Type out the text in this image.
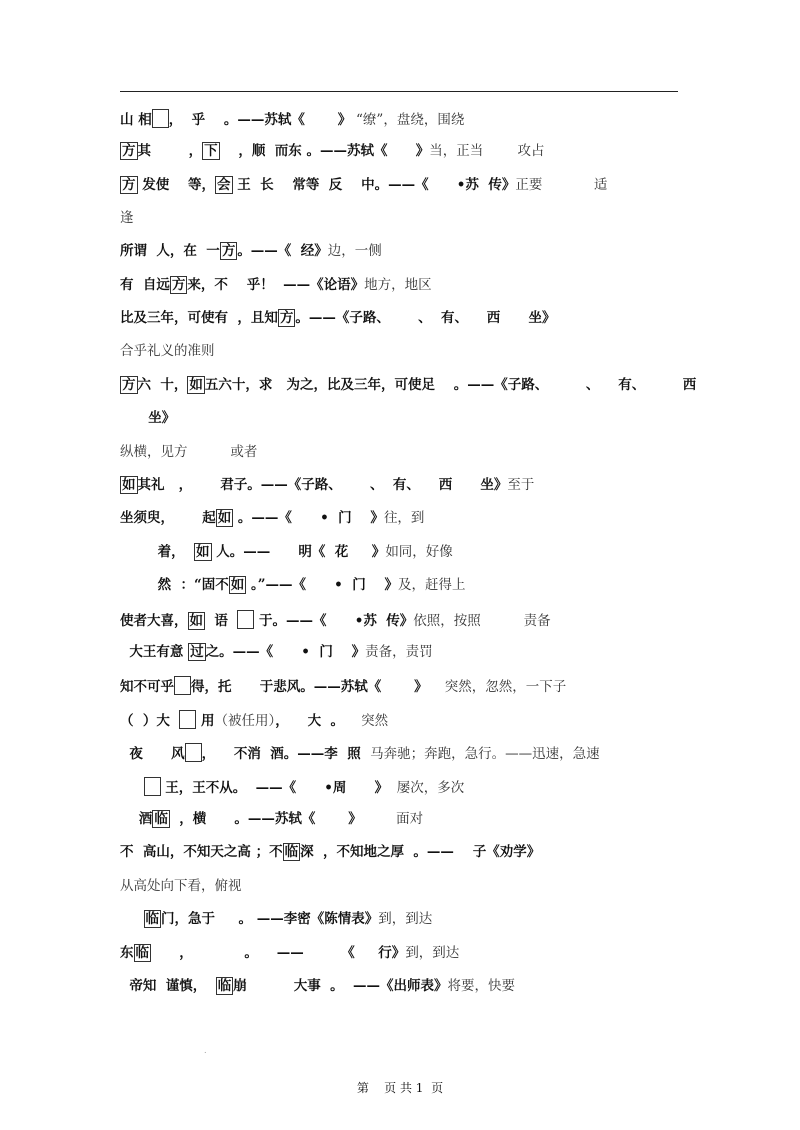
山 相 ，  乎    。——苏轼《       》 “缭”，盘绕，围绕
方 其        ， 下    ，顺  而东 。——苏轼《      》当，正当        攻占
方 发使    等， 会 王  长    常等  反    中。——《      •苏  传》正要            适
逢
所谓  人，在  一 方 。——《  经》边，一侧
有  自远 方 来，不    乎！  ——《论语》地方，地区
比及三年，可使有  ，且知 方 。——《子路、      、  有、    西      坐》
合乎礼义的准则
方 六  十， 如 五六十，求   为之，比及三年，可使足    。——《子路、        、    有、        西
坐》
纵横，见方          或者
如 其礼   ，      君子。——《子路、      、  有、    西      坐》至于
坐须臾，      起 如 。——《      •  门    》往，到
着，  如 人。——      明《  花     》如同，好像
然  ：“固不 如 。”——《      •  门    》及，赶得上
使者大喜， 如  语   于。——《      •苏  传》依照，按照          责备
大王有意 过 之。——《      •  门    》责备，责罚
知不可乎 得，托      于悲风。——苏轼《       》    突然，忽然，一下子
（  ）大   用（被任用），    大  。    突然
夜      风 ，    不消  酒。——李  照  马奔驰；奔跑，急行。——迅速，急速
王，王不从。  ——《      •周      》  屡次，多次
酒 临  ，横      。——苏轼《       》        面对
不  高山，不知天之高 ；不 临 深  ，不知地之厚  。——    子《劝学》
从高处向下看，俯视
临 门，急于     。 ——李密《陈情表》到，到达
东 临      ，           。    ——        《     行》到，到达
帝知  谨慎，  临 崩          大事  。  ——《出师表》将要，快要
.
第    页 共 1  页
